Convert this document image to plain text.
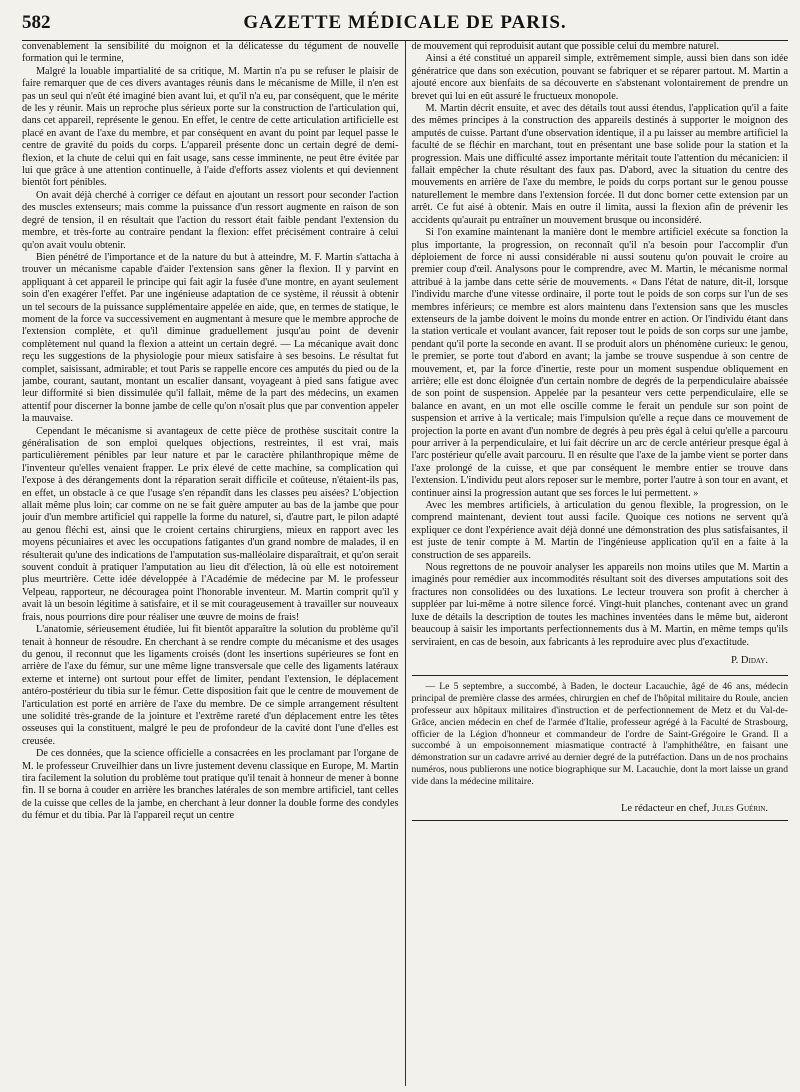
582	GAZETTE MÉDICALE DE PARIS.

convenablement la sensibilité du moignon et la délicatesse du tégument de nouvelle formation qui le termine,

Malgré la louable impartialité de sa critique, M. Martin n'a pu se refuser le plaisir de faire remarquer que de ces divers avantages réunis dans le mécanisme de Mille, il n'en est pas un seul qui n'eût été imaginé bien avant lui, et qu'il n'a eu, par conséquent, que le mérite de les y réunir. Mais un reproche plus sérieux porte sur la construction de l'articulation qui, dans cet appareil, représente le genou. En effet, le centre de cette articulation artificielle est placé en avant de l'axe du membre, et par conséquent en avant du point par lequel passe le centre de gravité du poids du corps. L'appareil présente donc un certain degré de demi-flexion, et la chute de celui qui en fait usage, sans cesse imminente, ne peut être évitée par lui que grâce à une attention continuelle, à l'aide d'efforts assez violents et qui deviennent bientôt fort pénibles.

On avait déjà cherché à corriger ce défaut en ajoutant un ressort pour seconder l'action des muscles extenseurs; mais comme la puissance d'un ressort augmente en raison de son degré de tension, il en résultait que l'action du ressort était faible pendant l'extension du membre, et très-forte au contraire pendant la flexion: effet précisément contraire à celui qu'on avait voulu obtenir.

Bien pénétré de l'importance et de la nature du but à atteindre, M. F. Martin s'attacha à trouver un mécanisme capable d'aider l'extension sans gêner la flexion. Il y parvint en appliquant à cet appareil le principe qui fait agir la fusée d'une montre, en ayant seulement soin d'en exagérer l'effet. Par une ingénieuse adaptation de ce système, il réussit à obtenir un tel secours de la puissance supplémentaire appelée en aide, que, en termes de statique, le moment de la force va successivement en augmentant à mesure que le membre approche de l'extension complète, et qu'il diminue graduellement jusqu'au point de devenir complètement nul quand la flexion a atteint un certain degré. — La mécanique avait donc reçu les suggestions de la physiologie pour mieux satisfaire à ses besoins. Le résultat fut complet, saisissant, admirable; et tout Paris se rappelle encore ces amputés du pied ou de la jambe, courant, sautant, montant un escalier dansant, voyageant à pied sans fatigue avec leur difformité si bien dissimulée qu'il fallait, même de la part des médecins, un examen attentif pour discerner la bonne jambe de celle qu'on n'osait plus que par convention appeler la mauvaise.

Cependant le mécanisme si avantageux de cette pièce de prothèse suscitait contre la généralisation de son emploi quelques objections, restreintes, il est vrai, mais particulièrement pénibles par leur nature et par le caractère philanthropique même de l'inventeur qu'elles venaient frapper. Le prix élevé de cette machine, sa complication qui l'expose à des dérangements dont la réparation serait difficile et coûteuse, n'étaient-ils pas, en effet, un obstacle à ce que l'usage s'en répandît dans les classes peu aisées? L'objection allait même plus loin; car comme on ne se fait guère amputer au bas de la jambe que pour jouir d'un membre artificiel qui rappelle la forme du naturel, si, d'autre part, le pilon adapté au genou fléchi est, ainsi que le croient certains chirurgiens, mieux en rapport avec les moyens pécuniaires et avec les occupations fatigantes d'un grand nombre de malades, il en résulterait qu'une des indications de l'amputation sus-malléolaire disparaîtrait, et qu'on serait souvent conduit à pratiquer l'amputation au lieu dit d'élection, là où elle est notoirement plus meurtrière. Cette idée développée à l'Académie de médecine par M. le professeur Velpeau, rapporteur, ne découragea point l'honorable inventeur. M. Martin comprit qu'il y avait là un besoin légitime à satisfaire, et il se mit courageusement à travailler sur nouveaux frais, nous pourrions dire pour réaliser une œuvre de moins de frais!

L'anatomie, sérieusement étudiée, lui fit bientôt apparaître la solution du problème qu'il tenait à honneur de résoudre. En cherchant à se rendre compte du mécanisme et des usages du genou, il reconnut que les ligaments croisés (dont les insertions supérieures se font en arrière de l'axe du fémur, sur une même ligne transversale que celle des ligaments latéraux externe et interne) ont surtout pour effet de limiter, pendant l'extension, le déplacement antéro-postérieur du tibia sur le fémur. Cette disposition fait que le centre de mouvement de l'articulation est porté en arrière de l'axe du membre. De ce simple arrangement résultent une solidité très-grande de la jointure et l'extrême rareté d'un déplacement entre les têtes osseuses qui la constituent, malgré le peu de profondeur de la cavité dont l'une d'elles est creusée.

De ces données, que la science officielle a consacrées en les proclamant par l'organe de M. le professeur Cruveilhier dans un livre justement devenu classique en Europe, M. Martin tira facilement la solution du problème tout pratique qu'il tenait à honneur de mener à bonne fin. Il se borna à couder en arrière les branches latérales de son membre artificiel, tant celles de la cuisse que celles de la jambe, en cherchant à leur donner la double forme des condyles du fémur et du tibia. Par là l'appareil reçut un centre

de mouvement qui reproduisit autant que possible celui du membre naturel.

Ainsi a été constitué un appareil simple, extrêmement simple, aussi bien dans son idée génératrice que dans son exécution, pouvant se fabriquer et se réparer partout. M. Martin a ajouté encore aux bienfaits de sa découverte en s'abstenant volontairement de prendre un brevet qui lui en eût assuré le fructueux monopole.

M. Martin décrit ensuite, et avec des détails tout aussi étendus, l'application qu'il a faite des mêmes principes à la construction des appareils destinés à supporter le moignon des amputés de cuisse. Partant d'une observation identique, il a pu laisser au membre artificiel la faculté de se fléchir en marchant, tout en présentant une base solide pour la station et la progression. Mais une difficulté assez importante méritait toute l'attention du mécanicien: il fallait empêcher la chute résultant des faux pas. D'abord, avec la situation du centre des mouvements en arrière de l'axe du membre, le poids du corps portant sur le genou pousse naturellement le membre dans l'extension forcée. Il dut donc borner cette extension par un arrêt. Ce fut aisé à obtenir. Mais en outre il limita, aussi la flexion afin de prévenir les accidents qu'aurait pu entraîner un mouvement brusque ou inconsidéré.

Si l'on examine maintenant la manière dont le membre artificiel exécute sa fonction la plus importante, la progression, on reconnaît qu'il n'a besoin pour l'accomplir d'un déploiement de force ni aussi considérable ni aussi soutenu qu'on pouvait le croire au premier coup d'œil. Analysons pour le comprendre, avec M. Martin, le mécanisme normal attribué à la jambe dans cette série de mouvements. « Dans l'état de nature, dit-il, lorsque l'individu marche d'une vitesse ordinaire, il porte tout le poids de son corps sur l'un de ses membres inférieurs; ce membre est alors maintenu dans l'extension sans que les muscles extenseurs de la jambe doivent le moins du monde entrer en action. Or l'individu étant dans la station verticale et voulant avancer, fait reposer tout le poids de son corps sur une jambe, pendant qu'il porte la seconde en avant. Il se produit alors un phénomène curieux: le genou, le premier, se porte tout d'abord en avant; la jambe se trouve suspendue à son centre de mouvement, et, par la force d'inertie, reste pour un moment suspendue obliquement en arrière; elle est donc éloignée d'un certain nombre de degrés de la perpendiculaire abaissée de son point de suspension. Appelée par la pesanteur vers cette perpendiculaire, elle se balance en avant, en un mot elle oscille comme le ferait un pendule sur son point de suspension et arrive à la verticale; mais l'impulsion qu'elle a reçue dans ce mouvement de projection la porte en avant d'un nombre de degrés à peu près égal à celui qu'elle a parcouru pour arriver à la perpendiculaire, et lui fait décrire un arc de cercle antérieur presque égal à l'arc postérieur qu'elle avait parcouru. Il en résulte que l'axe de la jambe vient se porter dans l'axe prolongé de la cuisse, et que par conséquent le membre entier se trouve dans l'extension. L'individu peut alors reposer sur le membre, porter l'autre à son tour en avant, et continuer ainsi la progression autant que ses forces le lui permettent. »

Avec les membres artificiels, à articulation du genou flexible, la progression, on le comprend maintenant, devient tout aussi facile. Quoique ces notions ne servent qu'à expliquer ce dont l'expérience avait déjà donné une démonstration des plus satisfaisantes, il est juste de tenir compte à M. Martin de l'ingénieuse application qu'il en a faite à la construction de ses appareils.

Nous regrettons de ne pouvoir analyser les appareils non moins utiles que M. Martin a imaginés pour remédier aux incommodités résultant soit des diverses amputations soit des fractures non consolidées ou des luxations. Le lecteur trouvera son profit à chercher à suppléer par lui-même à notre silence forcé. Vingt-huit planches, contenant avec un grand luxe de détails la description de toutes les machines inventées dans le même but, aideront beaucoup à saisir les importants perfectionnements dus à M. Martin, en même temps qu'ils serviraient, en cas de besoin, aux fabricants à les reproduire avec plus d'exactitude.

P. Diday.

— Le 5 septembre, a succombé, à Baden, le docteur Lacauchie, âgé de 46 ans, médecin principal de première classe des armées, chirurgien en chef de l'hôpital militaire du Roule, ancien professeur aux hôpitaux militaires d'instruction et de perfectionnement de Metz et du Val-de-Grâce, ancien médecin en chef de l'armée d'Italie, professeur agrégé à la Faculté de Strasbourg, officier de la Légion d'honneur et commandeur de l'ordre de Saint-Grégoire le Grand. Il a succombé à un empoisonnement miasmatique contracté à l'amphithéâtre, en faisant une démonstration sur un cadavre arrivé au dernier degré de la putréfaction. Dans un de nos prochains numéros, nous publierons une notice biographique sur M. Lacauchie, dont la mort laisse un grand vide dans la médecine militaire.

Le rédacteur en chef, Jules Guérin.
